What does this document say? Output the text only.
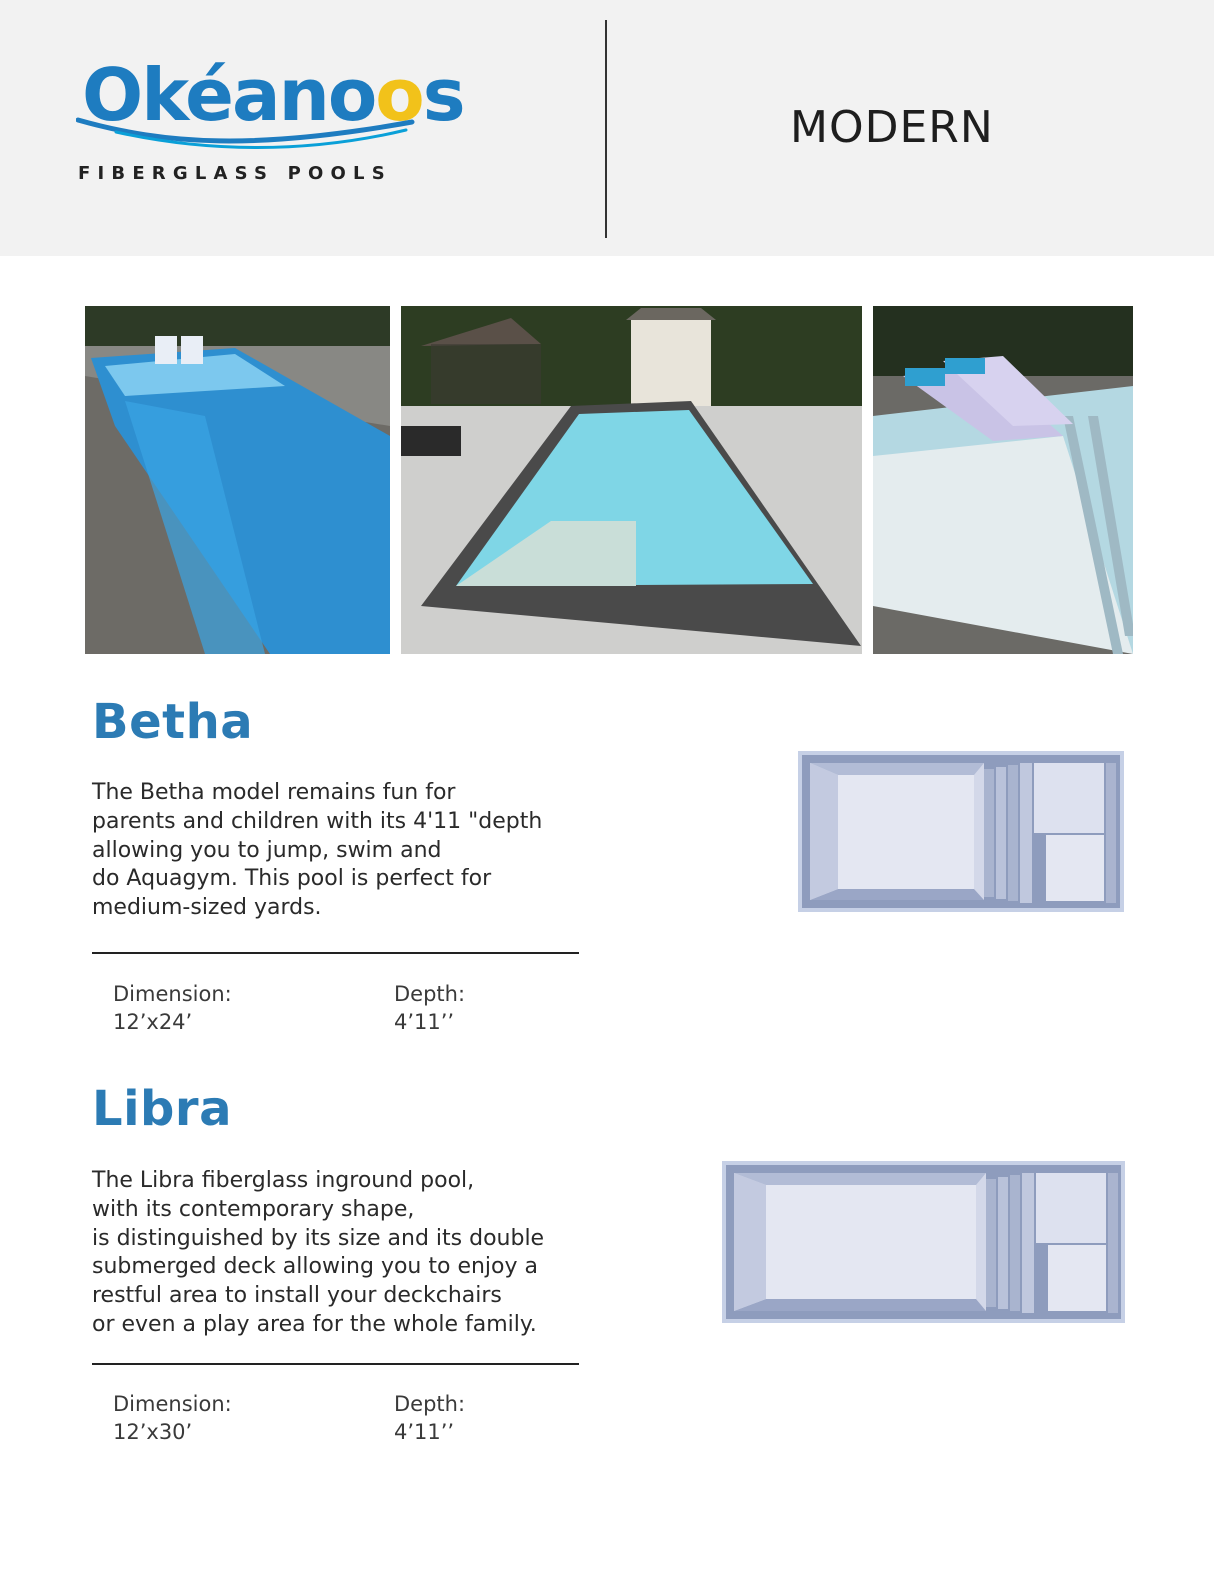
Okéanoos
FIBERGLASS POOLS
MODERN
Betha

The Betha model remains fun for
parents and children with its 4'11 "depth
allowing you to jump, swim and
do Aquagym. This pool is perfect for
medium-sized yards.

Dimension:
12’x24’
Depth:
4’11’’
Libra

The Libra fiberglass inground pool,
with its contemporary shape,
is distinguished by its size and its double
submerged deck allowing you to enjoy a
restful area to install your deckchairs
or even a play area for the whole family.

Dimension:
12’x30’
Depth:
4’11’’
